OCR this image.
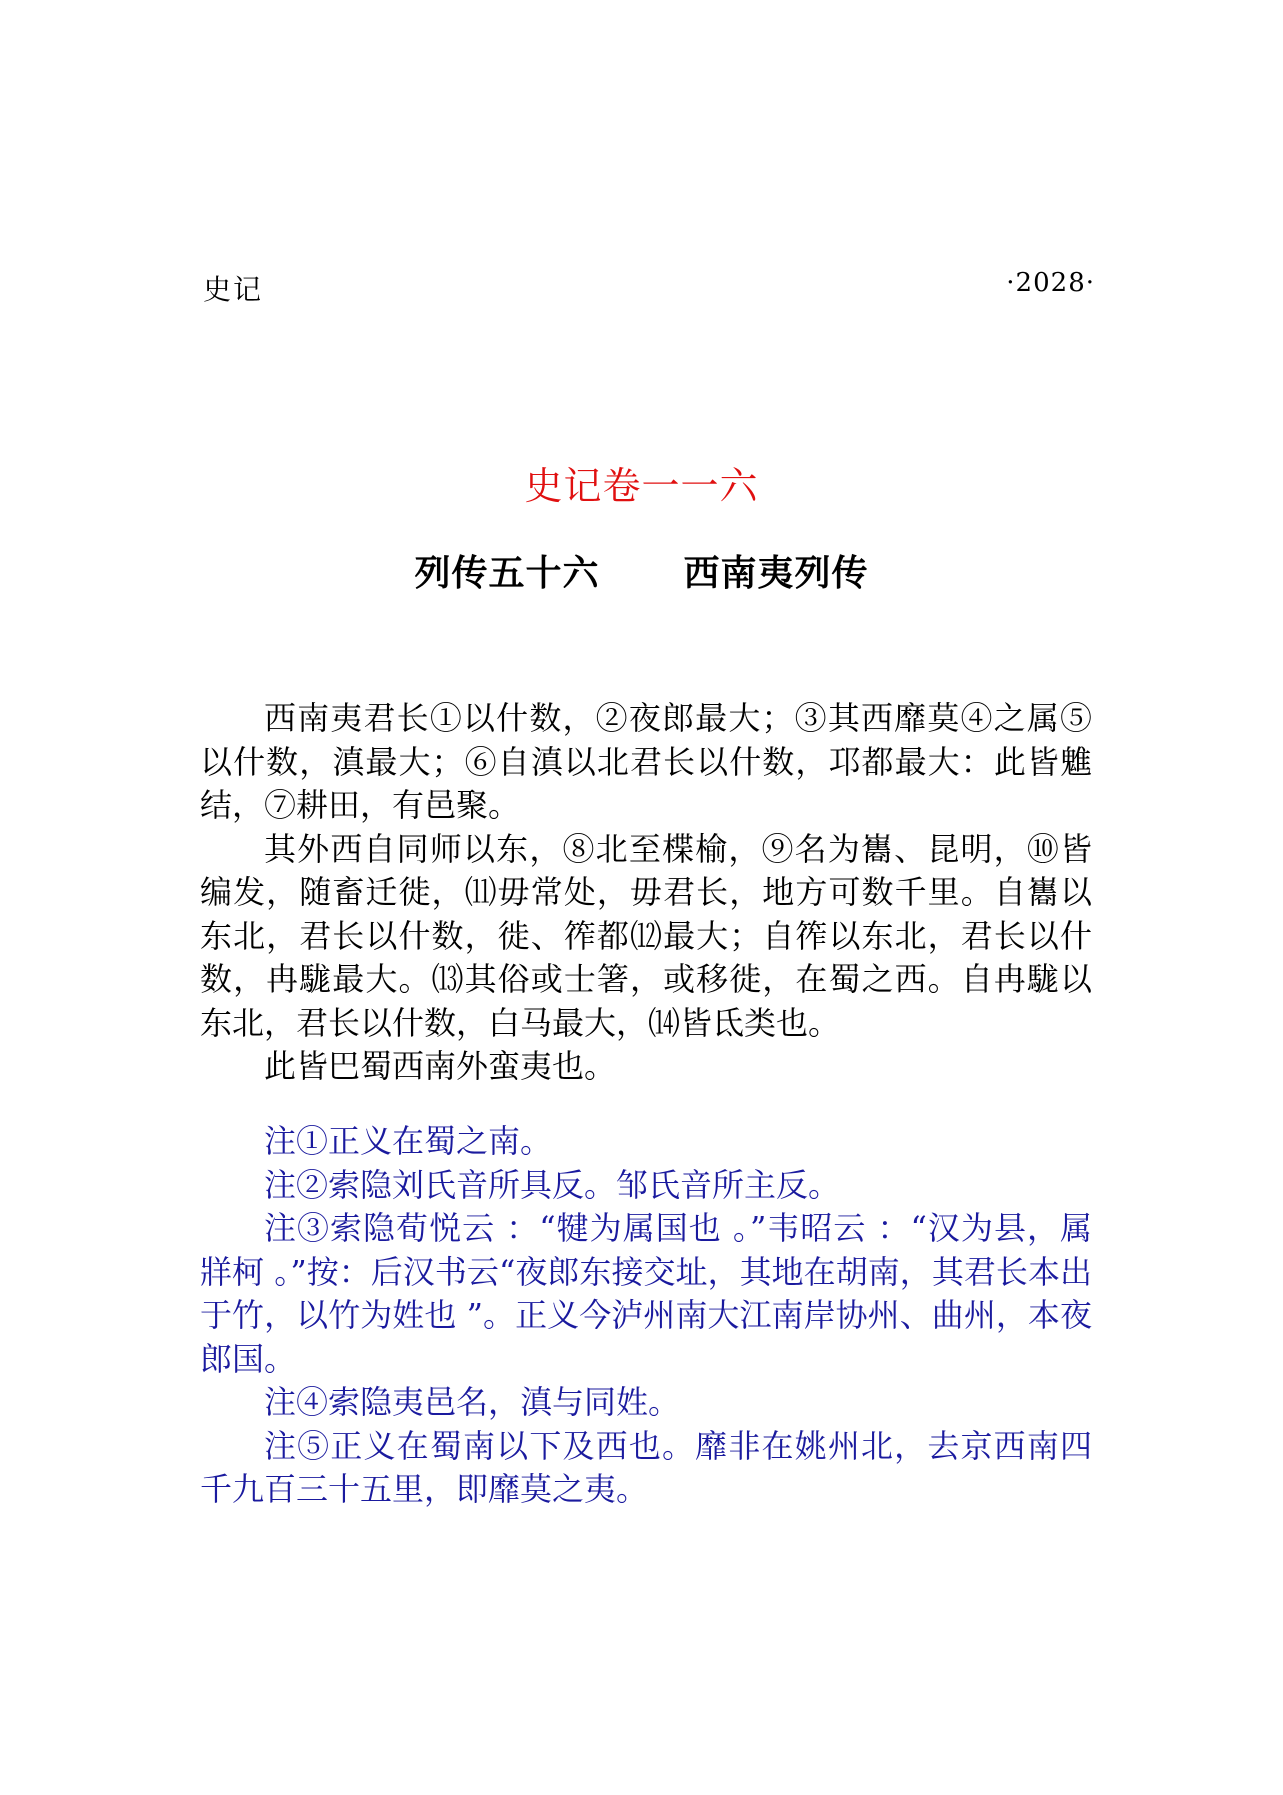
史记	·2028·
史记卷一一六
列传五十六 西南夷列传

西南夷君长①以什数，②夜郎最大；③其西靡莫④之属⑤以什数，滇最大；⑥自滇以北君长以什数，邛都最大：此皆魋结，⑦耕田，有邑聚。

其外西自同师以东，⑧北至楪榆，⑨名为巂、昆明，⑩皆编发，随畜迁徙，⑾毋常处，毋君长，地方可数千里。自巂以东北，君长以什数，徙、筰都⑿最大；自筰以东北，君长以什数，冉駹最大。⒀其俗或士箸，或移徙，在蜀之西。自冉駹以东北，君长以什数，白马最大，⒁皆氐类也。

此皆巴蜀西南外蛮夷也。

注①正义在蜀之南。

注②索隐刘氏音所具反。邹氏音所主反。

注③索隐荀悦云 ：“犍为属国也 。”韦昭云 ：“汉为县，属牂柯 。”按：后汉书云“夜郎东接交址，其地在胡南，其君长本出于竹，以竹为姓也 ”。正义今泸州南大江南岸协州、曲州，本夜郎国。

注④索隐夷邑名，滇与同姓。

注⑤正义在蜀南以下及西也。靡非在姚州北，去京西南四千九百三十五里，即靡莫之夷。
